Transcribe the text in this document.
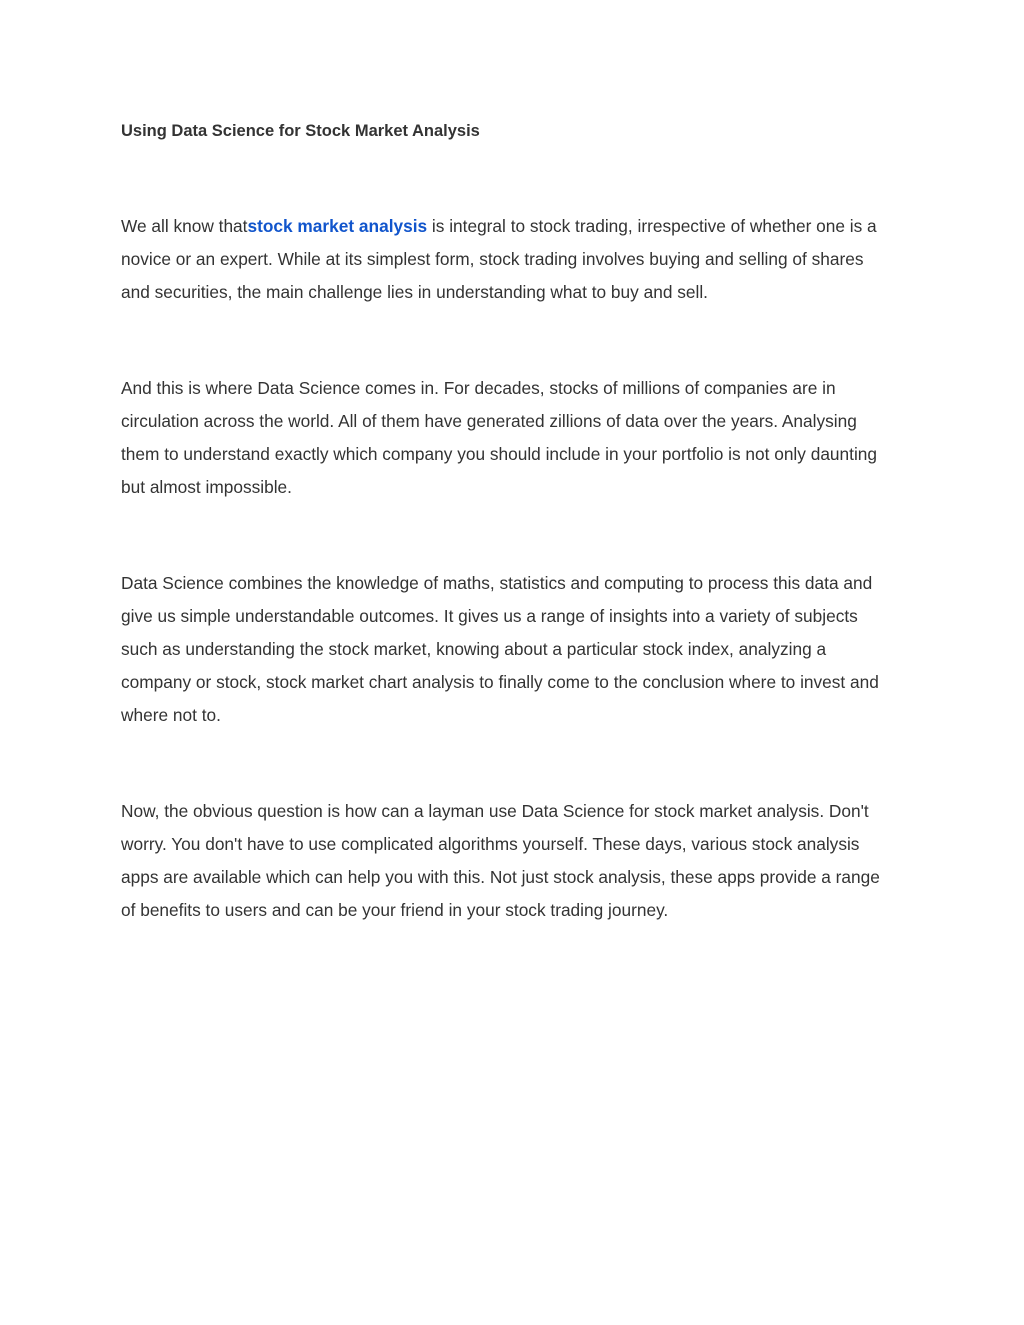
Using Data Science for Stock Market Analysis

We all know thatstock market analysis is integral to stock trading, irrespective of whether one is a novice or an expert. While at its simplest form, stock trading involves buying and selling of shares and securities, the main challenge lies in understanding what to buy and sell.

And this is where Data Science comes in. For decades, stocks of millions of companies are in circulation across the world. All of them have generated zillions of data over the years. Analysing them to understand exactly which company you should include in your portfolio is not only daunting but almost impossible.

Data Science combines the knowledge of maths, statistics and computing to process this data and give us simple understandable outcomes. It gives us a range of insights into a variety of subjects such as understanding the stock market, knowing about a particular stock index, analyzing a company or stock, stock market chart analysis to finally come to the conclusion where to invest and where not to.

Now, the obvious question is how can a layman use Data Science for stock market analysis. Don't worry. You don't have to use complicated algorithms yourself. These days, various stock analysis apps are available which can help you with this. Not just stock analysis, these apps provide a range of benefits to users and can be your friend in your stock trading journey.
